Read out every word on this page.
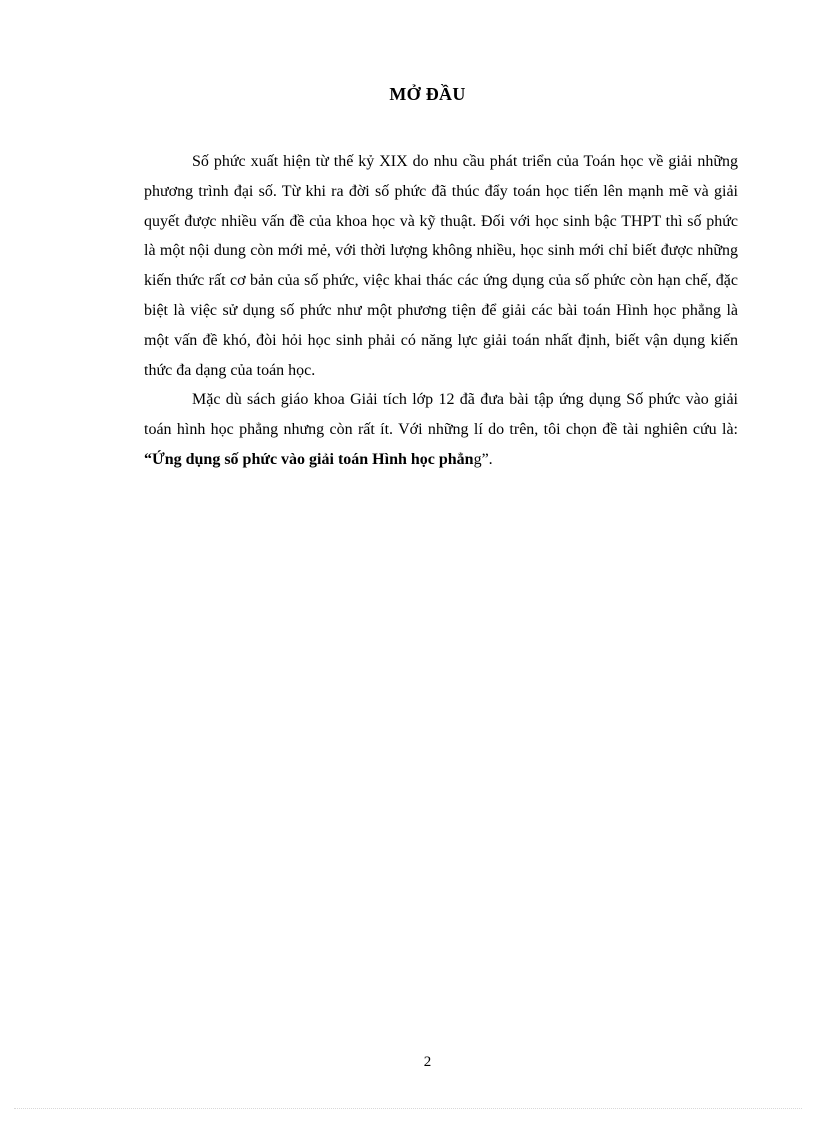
MỞ ĐẦU

Số phức xuất hiện từ thế kỷ XIX do nhu cầu phát triển của Toán học về giải những phương trình đại số. Từ khi ra đời số phức đã thúc đẩy toán học tiến lên mạnh mẽ và giải quyết được nhiều vấn đề của khoa học và kỹ thuật. Đối với học sinh bậc THPT thì số phức là một nội dung còn mới mẻ, với thời lượng không nhiều, học sinh mới chỉ biết được những kiến thức rất cơ bản của số phức, việc khai thác các ứng dụng của số phức còn hạn chế, đặc biệt là việc sử dụng số phức như một phương tiện để giải các bài toán Hình học phẳng là một vấn đề khó, đòi hỏi học sinh phải có năng lực giải toán nhất định, biết vận dụng kiến thức đa dạng của toán học.

Mặc dù sách giáo khoa Giải tích lớp 12 đã đưa bài tập ứng dụng Số phức vào giải toán hình học phẳng nhưng còn rất ít. Với những lí do trên, tôi chọn đề tài nghiên cứu là: “Ứng dụng số phức vào giải toán Hình học phẳng”.

2
